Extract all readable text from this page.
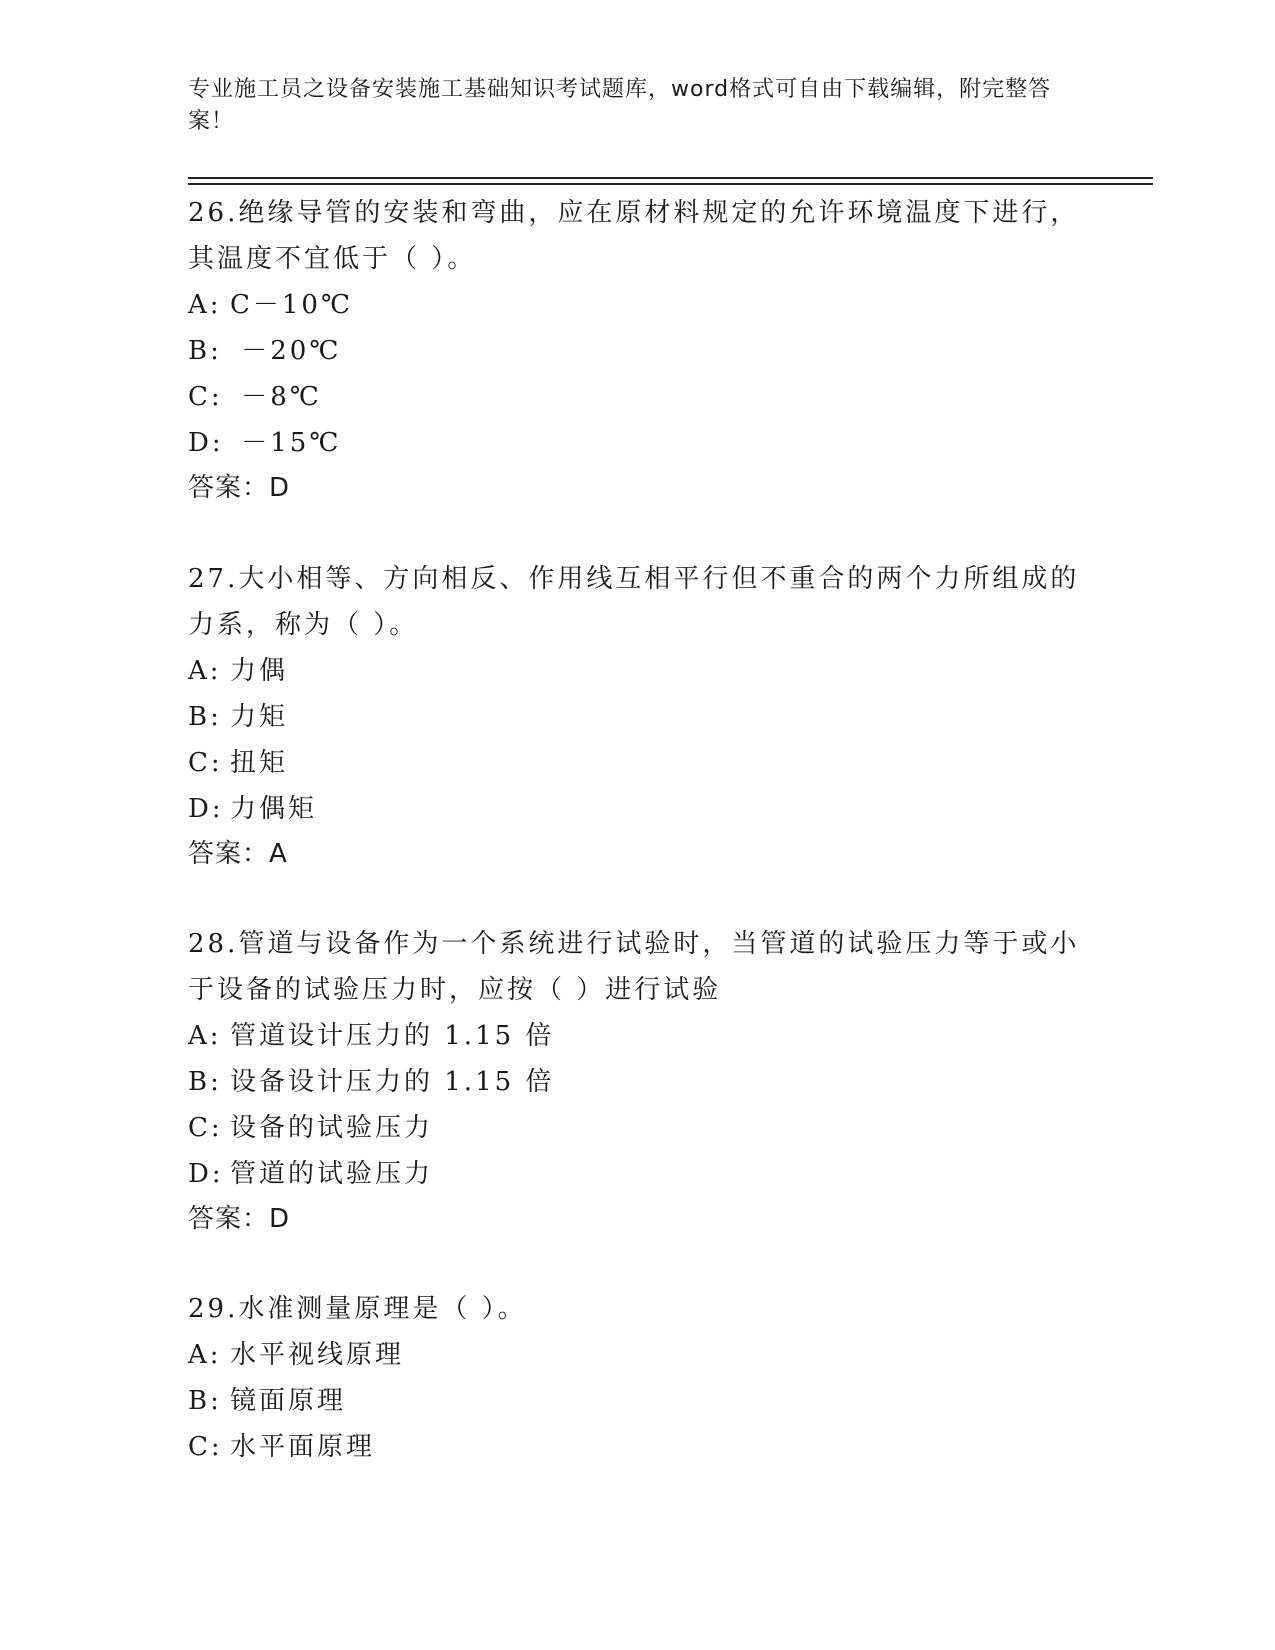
专业施工员之设备安装施工基础知识考试题库，word格式可自由下载编辑，附完整答案！
26.绝缘导管的安装和弯曲，应在原材料规定的允许环境温度下进行，其温度不宜低于（ ）。
A: C－10℃
B: －20℃
C: －8℃
D: －15℃
答案：D
27.大小相等、方向相反、作用线互相平行但不重合的两个力所组成的力系，称为（ ）。
A: 力偶
B: 力矩
C: 扭矩
D: 力偶矩
答案：A
28.管道与设备作为一个系统进行试验时，当管道的试验压力等于或小于设备的试验压力时，应按（ ）进行试验
A: 管道设计压力的 1.15 倍
B: 设备设计压力的 1.15 倍
C: 设备的试验压力
D: 管道的试验压力
答案：D
29.水准测量原理是（ ）。
A: 水平视线原理
B: 镜面原理
C: 水平面原理
